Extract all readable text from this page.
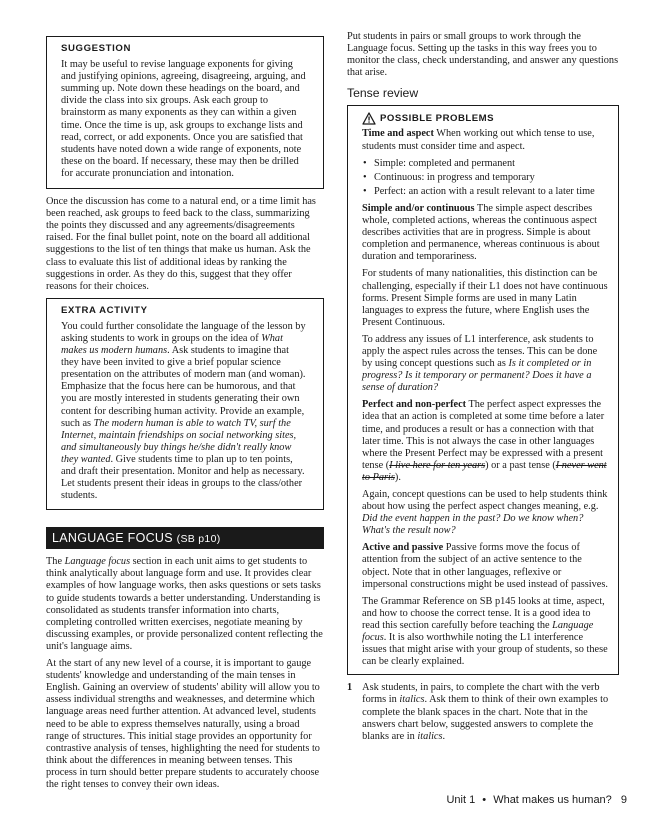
SUGGESTION

It may be useful to revise language exponents for giving and justifying opinions, agreeing, disagreeing, arguing, and summing up. Note down these headings on the board, and divide the class into six groups. Ask each group to brainstorm as many exponents as they can within a given time. Once the time is up, ask groups to exchange lists and read, correct, or add exponents. Once you are satisfied that students have noted down a wide range of exponents, note these on the board. If necessary, these may then be drilled for accurate pronunciation and intonation.

Once the discussion has come to a natural end, or a time limit has been reached, ask groups to feed back to the class, summarizing the points they discussed and any agreements/disagreements raised. For the final bullet point, note on the board all additional suggestions to the list of ten things that make us human. Ask the class to evaluate this list of additional ideas by ranking the suggestions in order. As they do this, suggest that they offer reasons for their choices.

EXTRA ACTIVITY

You could further consolidate the language of the lesson by asking students to work in groups on the idea of What makes us modern humans. Ask students to imagine that they have been invited to give a brief popular science presentation on the attributes of modern man (and woman). Emphasize that the focus here can be humorous, and that you are mostly interested in students generating their own content for describing human activity. Provide an example, such as The modern human is able to watch TV, surf the Internet, maintain friendships on social networking sites, and simultaneously buy things he/she didn't really know they wanted. Give students time to plan up to ten points, and draft their presentation. Monitor and help as necessary. Let students present their ideas in groups to the class/other students.

LANGUAGE FOCUS (SB p10)

The Language focus section in each unit aims to get students to think analytically about language form and use. It provides clear examples of how language works, then asks questions or sets tasks to guide students towards a better understanding. Understanding is consolidated as students transfer information into charts, completing controlled written exercises, negotiate meaning by discussing examples, or provide personalized content reflecting the unit's language aims.

At the start of any new level of a course, it is important to gauge students' knowledge and understanding of the main tenses in English. Gaining an overview of students' ability will allow you to assess individual strengths and weaknesses, and determine which language areas need further attention. At advanced level, students need to be able to express themselves naturally, using a broad range of structures. This initial stage provides an opportunity for contrastive analysis of tenses, highlighting the need for students to think about the differences in meaning between tenses. This process in turn should better prepare students to accurately choose the right tenses to convey their own ideas.

Put students in pairs or small groups to work through the Language focus. Setting up the tasks in this way frees you to monitor the class, check understanding, and answer any questions that arise.

Tense review
POSSIBLE PROBLEMS

Time and aspect When working out which tense to use, students must consider time and aspect.

• Simple: completed and permanent
• Continuous: in progress and temporary
• Perfect: an action with a result relevant to a later time

Simple and/or continuous The simple aspect describes whole, completed actions, whereas the continuous aspect describes activities that are in progress. Simple is about completion and permanence, whereas continuous is about duration and temporariness.

For students of many nationalities, this distinction can be challenging, especially if their L1 does not have continuous forms. Present Simple forms are used in many Latin languages to express the future, where English uses the Present Continuous.

To address any issues of L1 interference, ask students to apply the aspect rules across the tenses. This can be done by using concept questions such as Is it completed or in progress? Is it temporary or permanent? Does it have a sense of duration?

Perfect and non-perfect The perfect aspect expresses the idea that an action is completed at some time before a later time, and produces a result or has a connection with that later time. This is not always the case in other languages where the Present Perfect may be expressed with a present tense (I live here for ten years) or a past tense (I never went to Paris).

Again, concept questions can be used to help students think about how using the perfect aspect changes meaning, e.g. Did the event happen in the past? Do we know when? What's the result now?

Active and passive Passive forms move the focus of attention from the subject of an active sentence to the object. Note that in other languages, reflexive or impersonal constructions might be used instead of passives.

The Grammar Reference on SB p145 looks at time, aspect, and how to choose the correct tense. It is a good idea to read this section carefully before teaching the Language focus. It is also worthwhile noting the L1 interference issues that might arise with your group of students, so these can be clearly explained.

1 Ask students, in pairs, to complete the chart with the verb forms in italics. Ask them to think of their own examples to complete the blank spaces in the chart. Note that in the answers chart below, suggested answers to complete the blanks are in italics.

Unit 1 • What makes us human? 9
